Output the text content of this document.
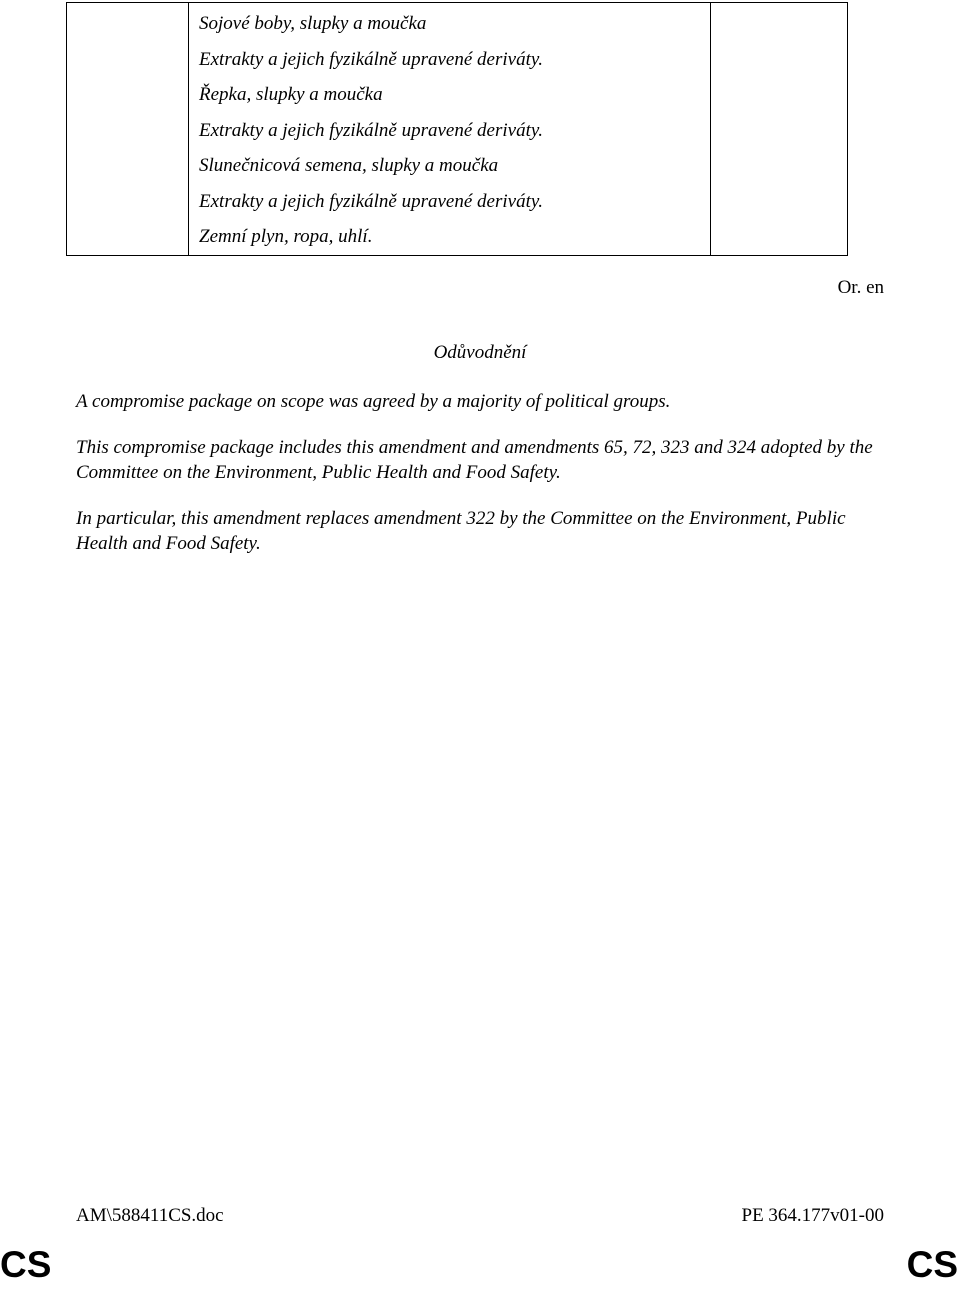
Sojové boby, slupky a moučka
Extrakty a jejich fyzikálně upravené deriváty.
Řepka, slupky a moučka
Extrakty a jejich fyzikálně upravené deriváty.
Slunečnicová semena, slupky a moučka
Extrakty a jejich fyzikálně upravené deriváty.
Zemní plyn, ropa, uhlí.

Or. en
Odůvodnění
A compromise package on scope was agreed by a majority of political groups.
This compromise package includes this amendment and amendments 65, 72, 323 and 324 adopted by the Committee on the Environment, Public Health and Food Safety.
In particular, this amendment replaces amendment 322 by the Committee on the Environment, Public Health and Food Safety.
AM\588411CS.doc	PE 364.177v01-00
CS	CS
